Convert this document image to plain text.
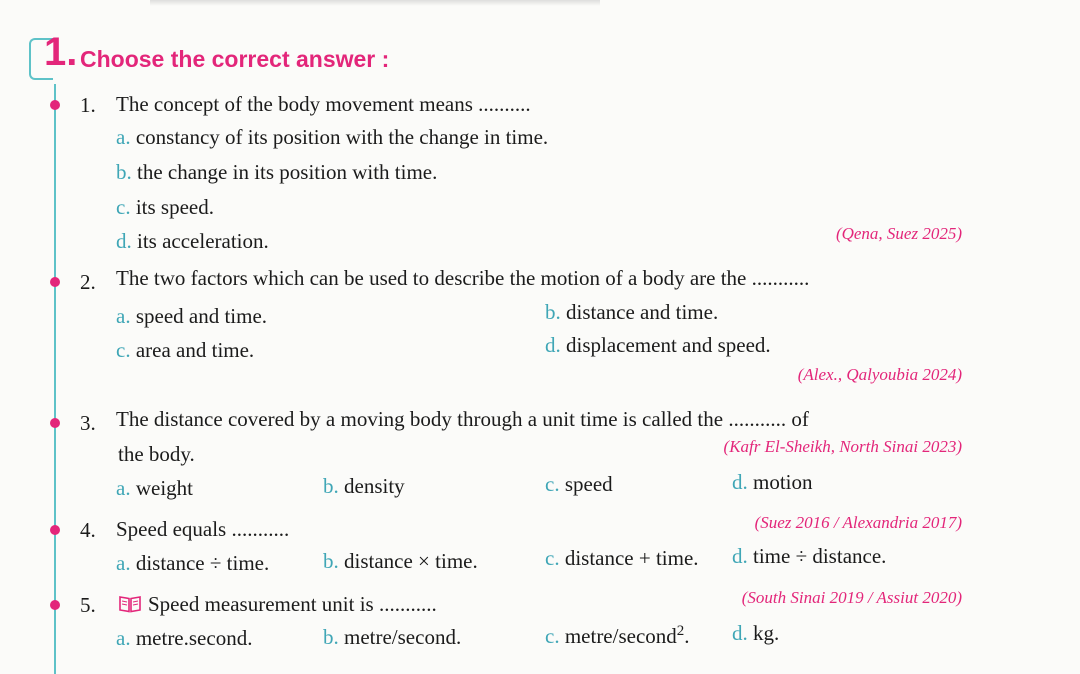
1. Choose the correct answer :
1. The concept of the body movement means ..........
a. constancy of its position with the change in time.
b. the change in its position with time.
c. its speed.
d. its acceleration.	(Qena, Suez 2025)
2. The two factors which can be used to describe the motion of a body are the ...........
a. speed and time.	b. distance and time.
c. area and time.	d. displacement and speed.
(Alex., Qalyoubia 2024)
3. The distance covered by a moving body through a unit time is called the ........... of
the body.	(Kafr El-Sheikh, North Sinai 2023)
a. weight	b. density	c. speed	d. motion
4. Speed equals ...........	(Suez 2016 / Alexandria 2017)
a. distance ÷ time.	b. distance × time.	c. distance + time. d. time ÷ distance.
5.	Speed measurement unit is ...........	(South Sinai 2019 / Assiut 2020)
a. metre.second.	b. metre/second.	c. metre/second$^2$. d. kg.
